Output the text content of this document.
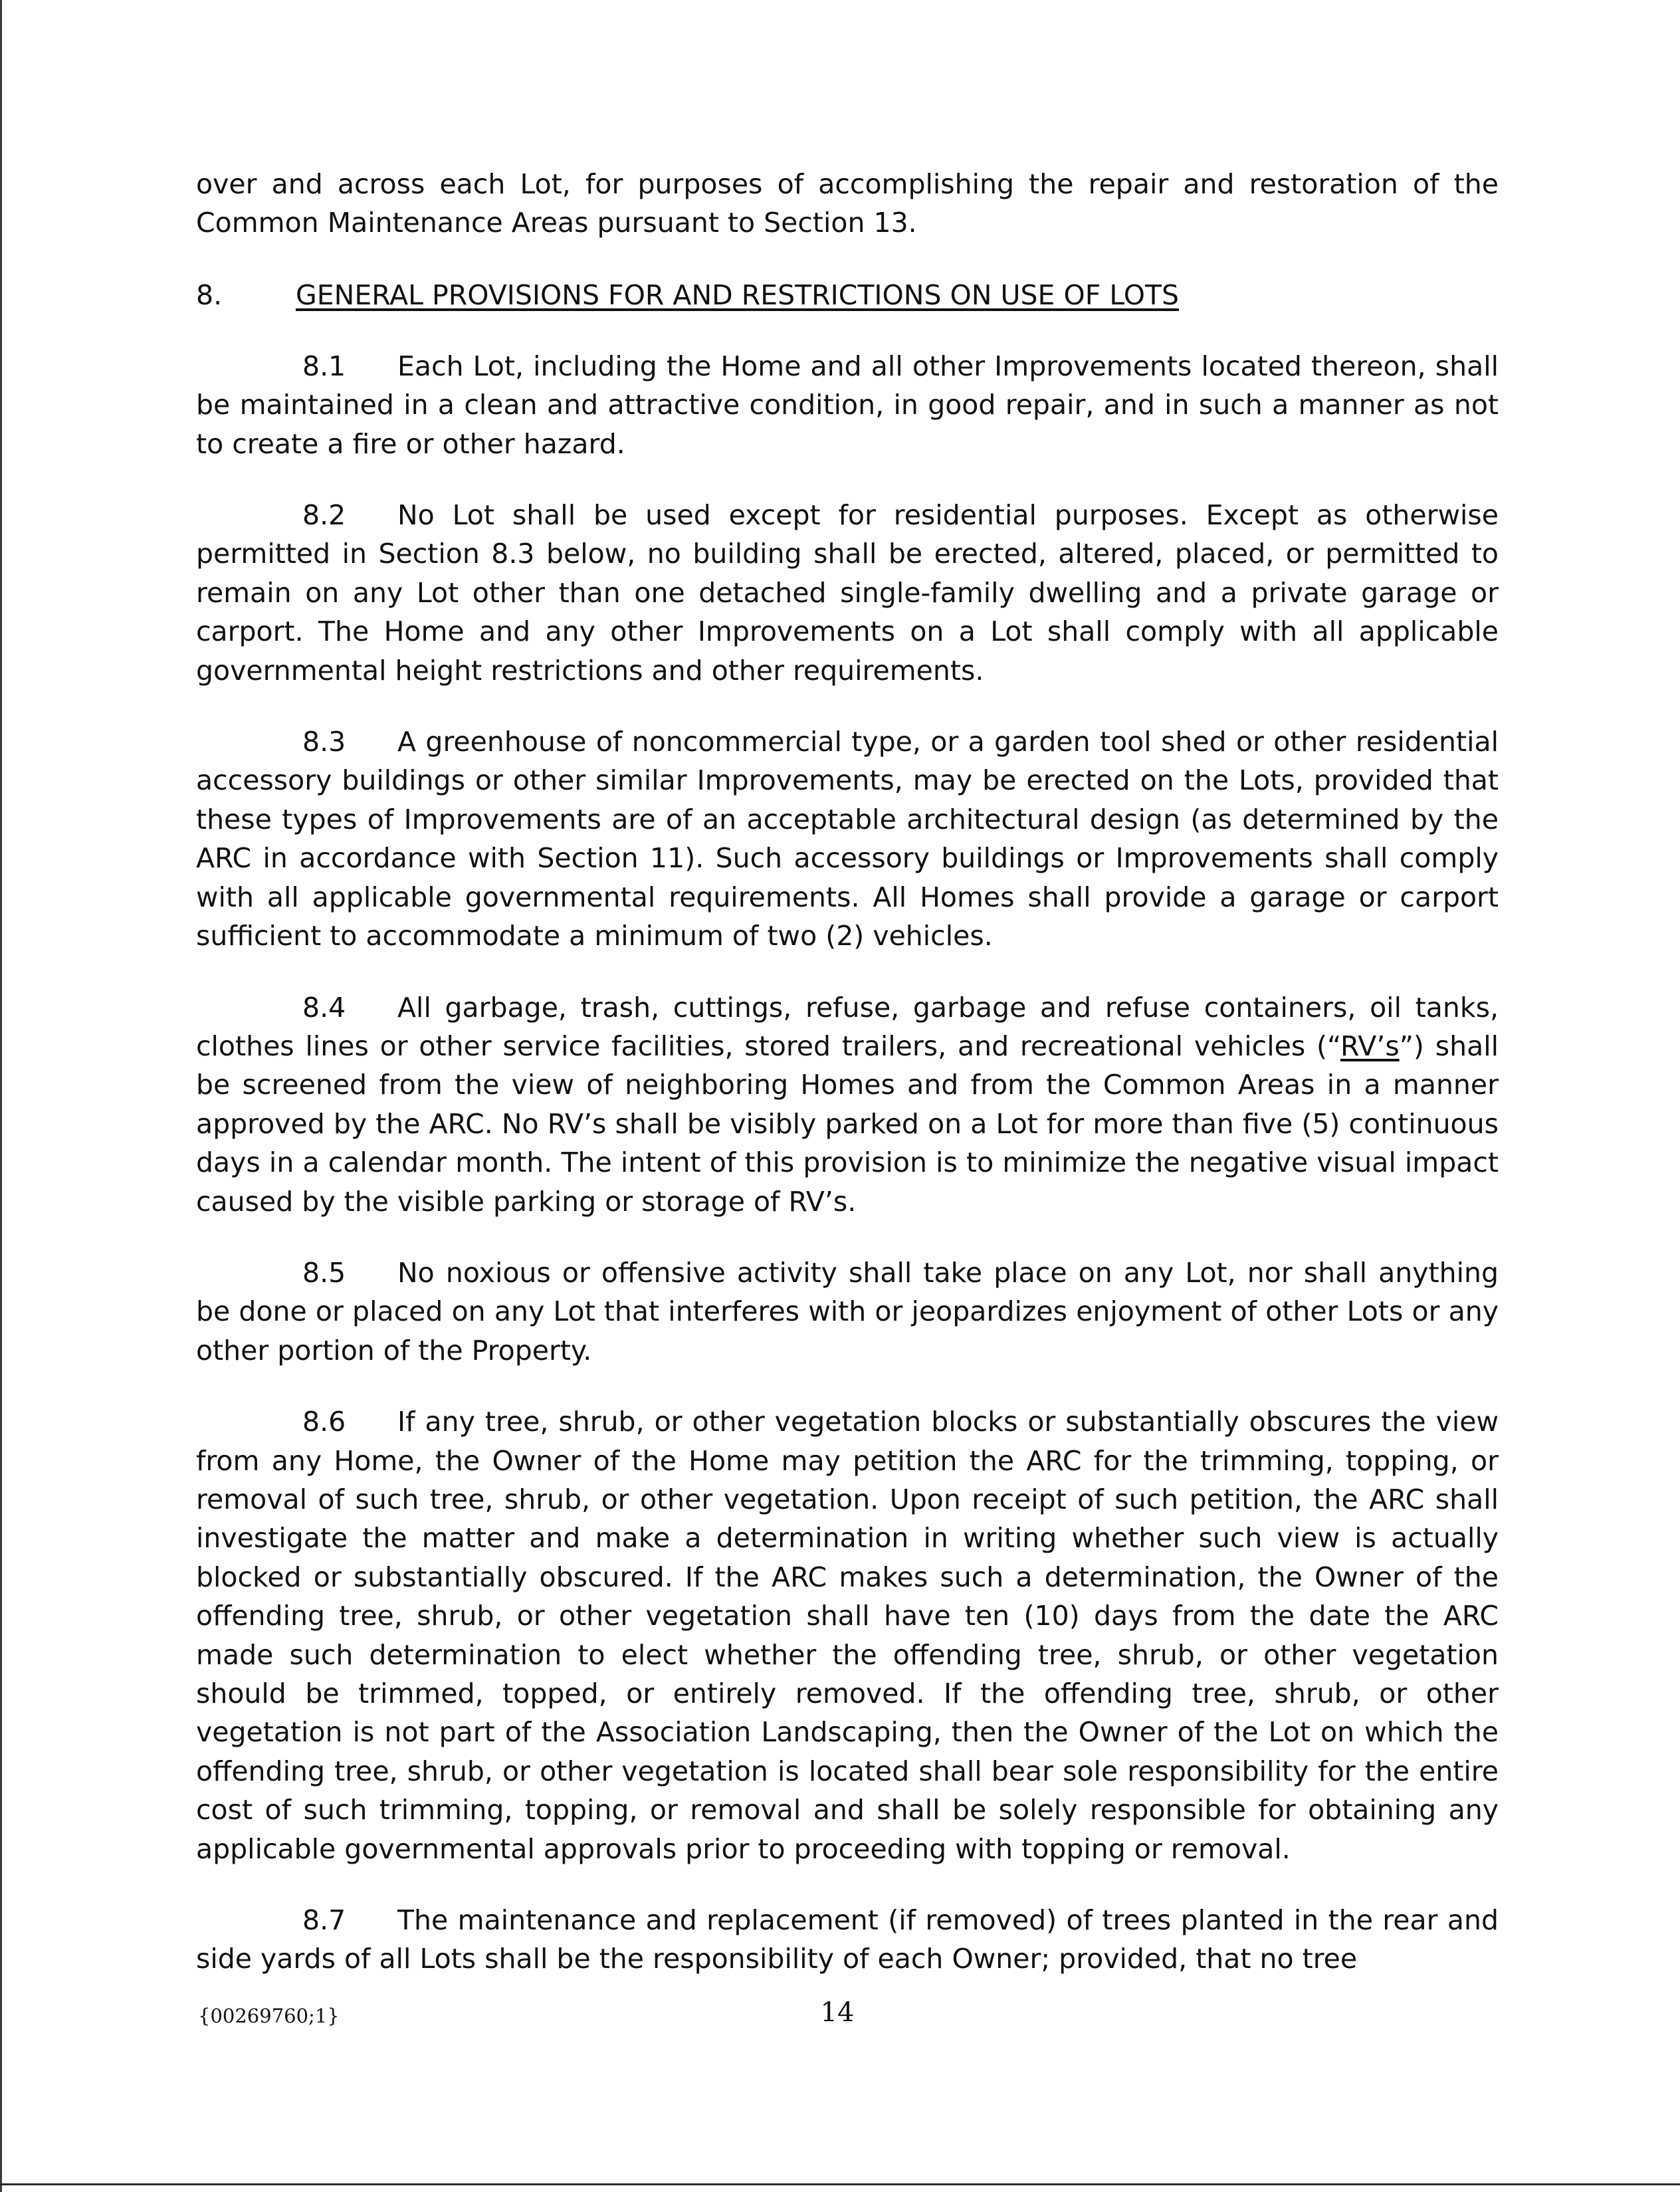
over and across each Lot, for purposes of accomplishing the repair and restoration of the Common Maintenance Areas pursuant to Section 13.

8.	GENERAL PROVISIONS FOR AND RESTRICTIONS ON USE OF LOTS

8.1 Each Lot, including the Home and all other Improvements located thereon, shall be maintained in a clean and attractive condition, in good repair, and in such a manner as not to create a fire or other hazard.

8.2 No Lot shall be used except for residential purposes. Except as otherwise permitted in Section 8.3 below, no building shall be erected, altered, placed, or permitted to remain on any Lot other than one detached single-family dwelling and a private garage or carport. The Home and any other Improvements on a Lot shall comply with all applicable governmental height restrictions and other requirements.

8.3 A greenhouse of noncommercial type, or a garden tool shed or other residential accessory buildings or other similar Improvements, may be erected on the Lots, provided that these types of Improvements are of an acceptable architectural design (as determined by the ARC in accordance with Section 11). Such accessory buildings or Improvements shall comply with all applicable governmental requirements. All Homes shall provide a garage or carport sufficient to accommodate a minimum of two (2) vehicles.

8.4 All garbage, trash, cuttings, refuse, garbage and refuse containers, oil tanks, clothes lines or other service facilities, stored trailers, and recreational vehicles (“RV’s”) shall be screened from the view of neighboring Homes and from the Common Areas in a manner approved by the ARC. No RV’s shall be visibly parked on a Lot for more than five (5) continuous days in a calendar month. The intent of this provision is to minimize the negative visual impact caused by the visible parking or storage of RV’s.

8.5 No noxious or offensive activity shall take place on any Lot, nor shall anything be done or placed on any Lot that interferes with or jeopardizes enjoyment of other Lots or any other portion of the Property.

8.6 If any tree, shrub, or other vegetation blocks or substantially obscures the view from any Home, the Owner of the Home may petition the ARC for the trimming, topping, or removal of such tree, shrub, or other vegetation. Upon receipt of such petition, the ARC shall investigate the matter and make a determination in writing whether such view is actually blocked or substantially obscured. If the ARC makes such a determination, the Owner of the offending tree, shrub, or other vegetation shall have ten (10) days from the date the ARC made such determination to elect whether the offending tree, shrub, or other vegetation should be trimmed, topped, or entirely removed. If the offending tree, shrub, or other vegetation is not part of the Association Landscaping, then the Owner of the Lot on which the offending tree, shrub, or other vegetation is located shall bear sole responsibility for the entire cost of such trimming, topping, or removal and shall be solely responsible for obtaining any applicable governmental approvals prior to proceeding with topping or removal.

8.7 The maintenance and replacement (if removed) of trees planted in the rear and side yards of all Lots shall be the responsibility of each Owner; provided, that no tree

{00269760;1}	14
